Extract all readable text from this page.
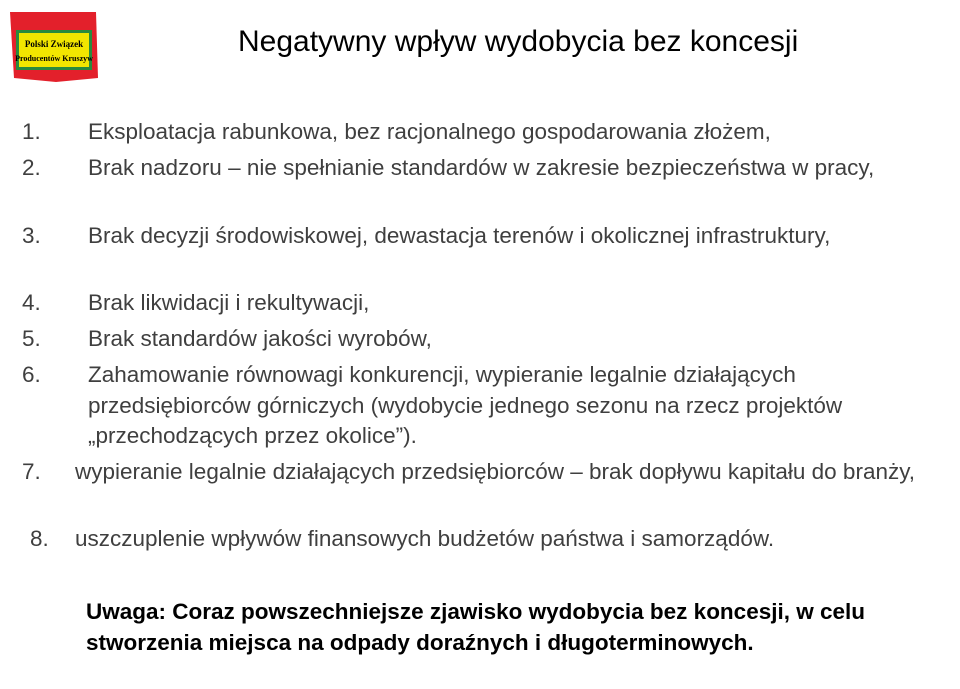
Polski Związek
Producentów Kruszyw
Negatywny wpływ wydobycia bez koncesji
1. Eksploatacja rabunkowa, bez racjonalnego gospodarowania złożem,
2. Brak nadzoru – nie spełnianie standardów w zakresie bezpieczeństwa w pracy,
3. Brak decyzji środowiskowej, dewastacja terenów i okolicznej infrastruktury,
4. Brak likwidacji i rekultywacji,
5. Brak standardów jakości wyrobów,
6. Zahamowanie równowagi konkurencji, wypieranie legalnie działających przedsiębiorców górniczych (wydobycie jednego sezonu na rzecz projektów „przechodzących przez okolice”).
7. wypieranie legalnie działających przedsiębiorców – brak dopływu kapitału do branży,
8. uszczuplenie wpływów finansowych budżetów państwa i samorządów.
Uwaga: Coraz powszechniejsze zjawisko wydobycia bez koncesji, w celu stworzenia miejsca na odpady doraźnych i długoterminowych.
